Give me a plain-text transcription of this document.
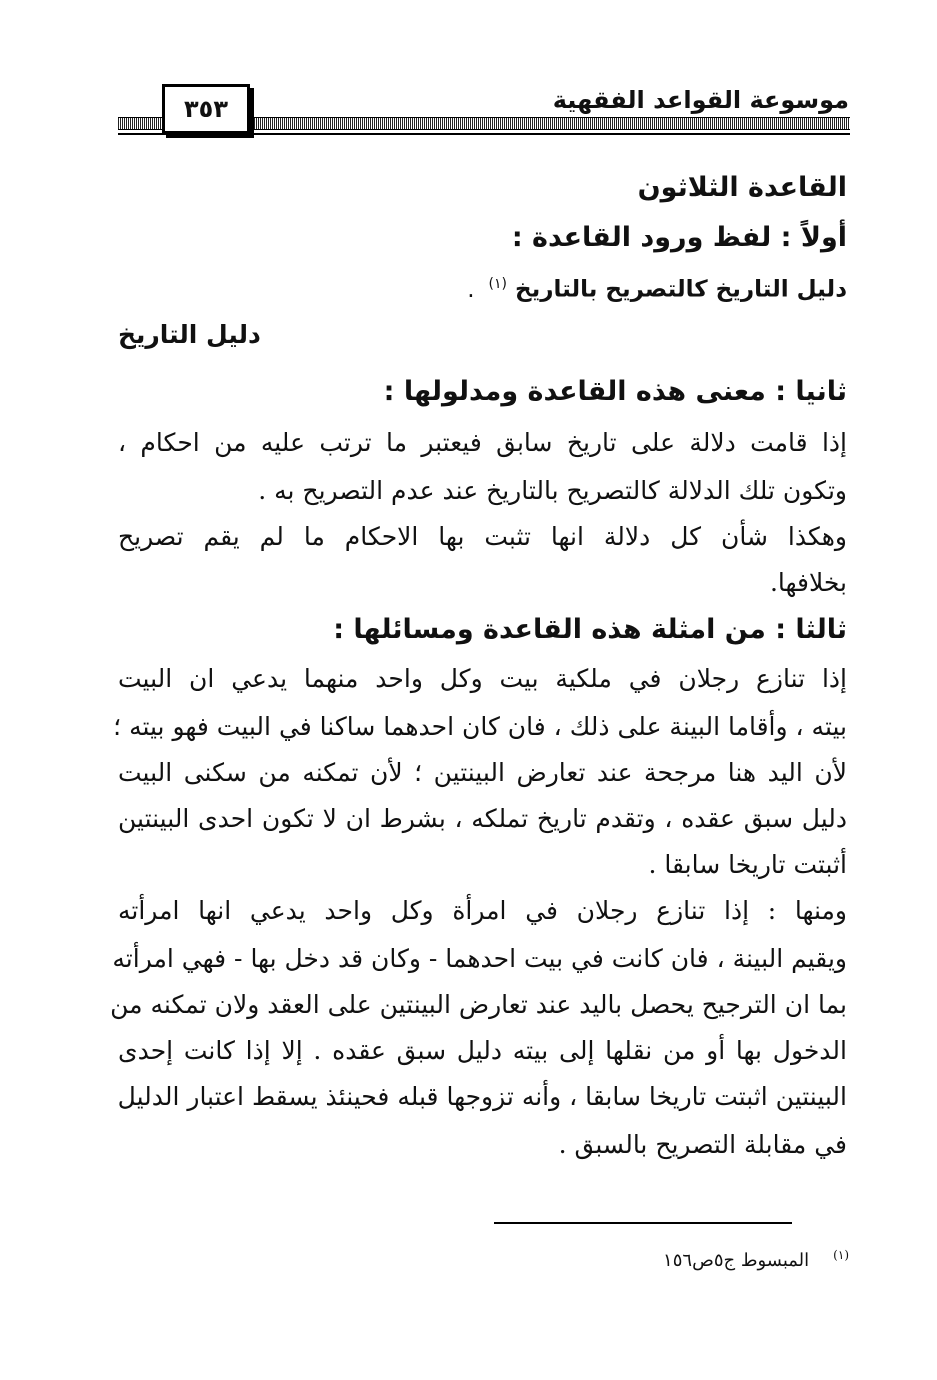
موسوعة القواعد الفقهية
٣٥٣
القاعدة الثلاثون
أولاً : لفظ ورود القاعدة :
دليل التاريخ كالتصريح بالتاريخ $^{(١)}$ .
دليل التاريخ
ثانيا : معنى هذه القاعدة ومدلولها :
إذا قامت دلالة على تاريخ سابق فيعتبر ما ترتب عليه من احكام ،
وتكون تلك الدلالة كالتصريح بالتاريخ عند عدم التصريح به .
وهكذا شأن كل دلالة انها تثبت بها الاحكام ما لم يقم تصريح
بخلافها.
ثالثا : من امثلة هذه القاعدة ومسائلها :
إذا تنازع رجلان في ملكية بيت وكل واحد منهما يدعي ان البيت
بيته ، وأقاما البينة على ذلك ، فان كان احدهما ساكنا في البيت فهو بيته ؛
لأن اليد هنا مرجحة عند تعارض البينتين ؛ لأن تمكنه من سكنى البيت
دليل سبق عقده ، وتقدم تاريخ تملكه ، بشرط ان لا تكون احدى البينتين
أثبتت تاريخا سابقا .
ومنها : إذا تنازع رجلان في امرأة وكل واحد يدعي انها امرأته
ويقيم البينة ، فان كانت في بيت احدهما - وكان قد دخل بها - فهي امرأته
بما ان الترجيح يحصل باليد عند تعارض البينتين على العقد ولان تمكنه من
الدخول بها أو من نقلها إلى بيته دليل سبق عقده . إلا إذا كانت إحدى
البينتين اثبتت تاريخا سابقا ، وأنه تزوجها قبله فحينئذ يسقط اعتبار الدليل
في مقابلة التصريح بالسبق .
$^{(١)}$المبسوط ج٥ص١٥٦
